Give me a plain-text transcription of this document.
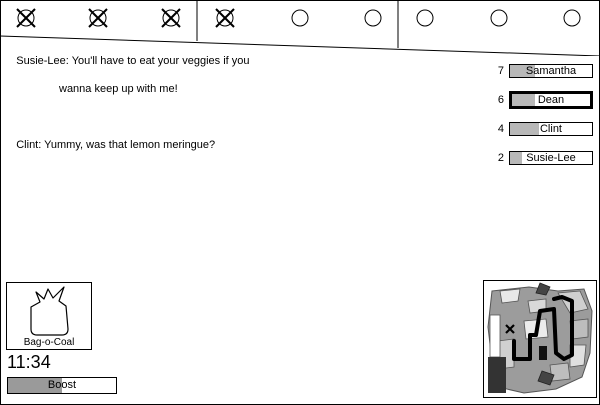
Susie-Lee: You'll have to eat your veggies if you

wanna keep up with me!

Clint: Yummy, was that lemon meringue?

7	Samantha
6	Dean
4	Clint
2	Susie-Lee
Bag-o-Coal
11:34
Boost
